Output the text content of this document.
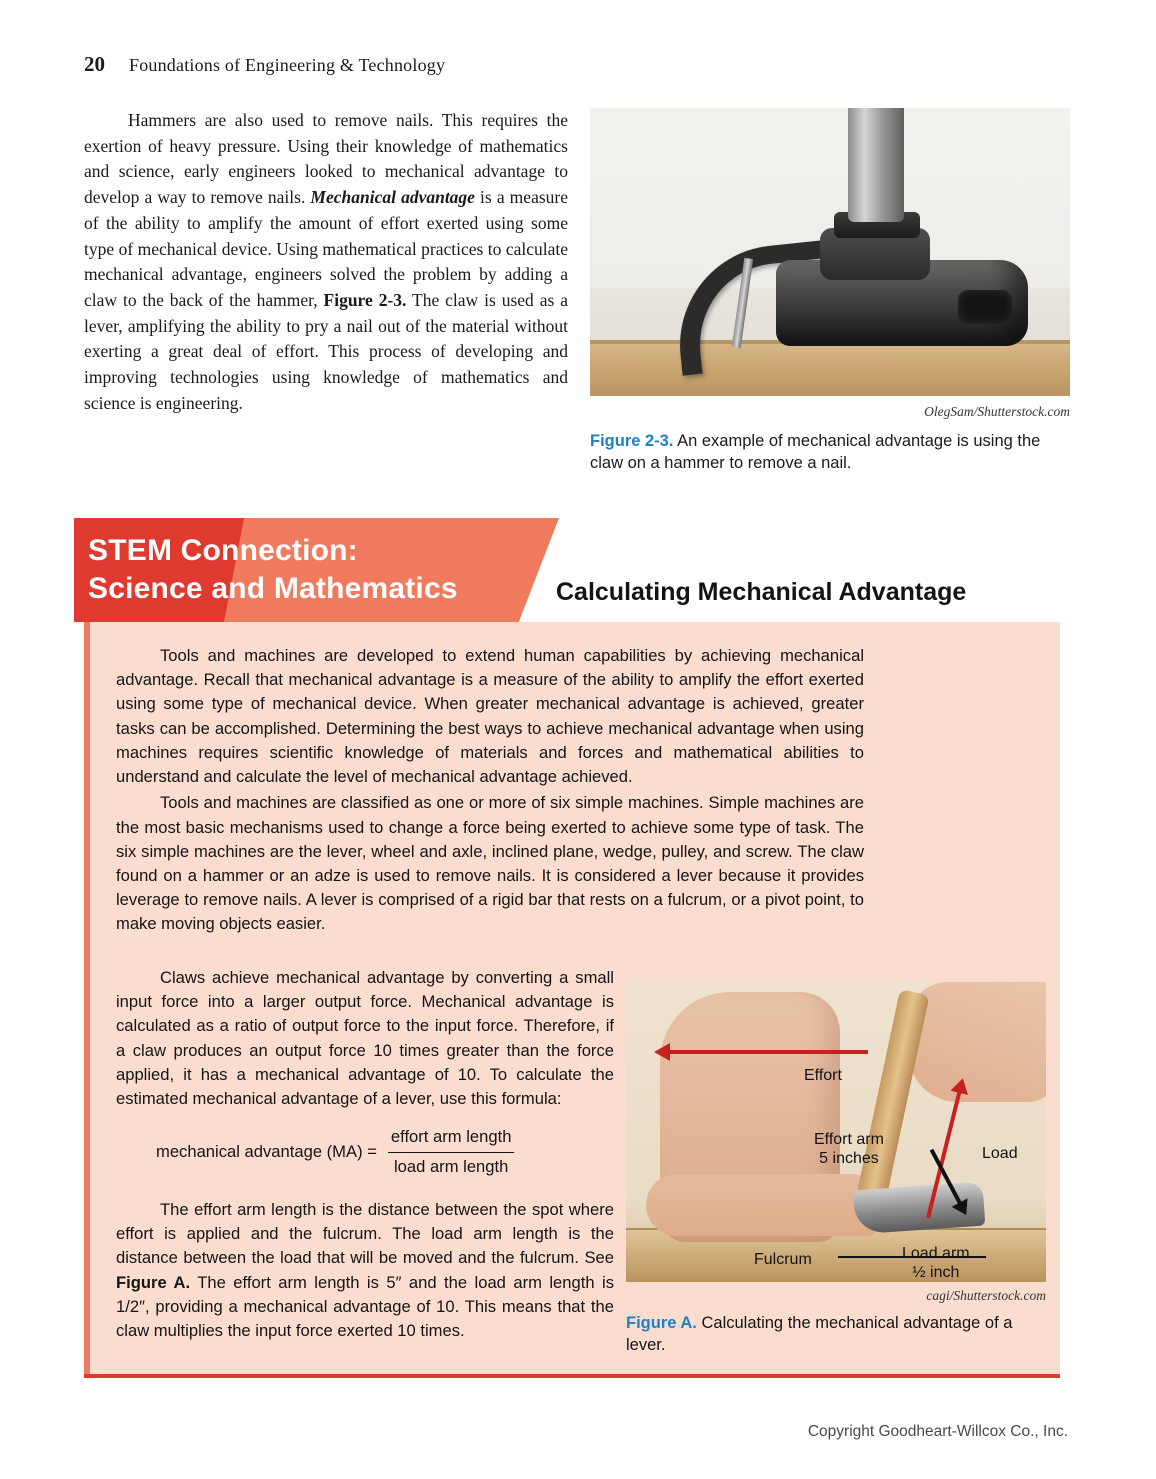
20 Foundations of Engineering & Technology

Hammers are also used to remove nails. This requires the exertion of heavy pressure. Using their knowledge of mathematics and science, early engineers looked to mechanical advantage to develop a way to remove nails. Mechanical advantage is a measure of the ability to amplify the amount of effort exerted using some type of mechanical device. Using mathematical practices to calculate mechanical advantage, engineers solved the problem by adding a claw to the back of the hammer, Figure 2-3. The claw is used as a lever, amplifying the ability to pry a nail out of the material without exerting a great deal of effort. This process of developing and improving technologies using knowledge of mathematics and science is engineering.	OlegSam/Shutterstock.com
Figure 2-3. An example of mechanical advantage is using the claw on a hammer to remove a nail.
STEM Connection:
Science and Mathematics	Calculating Mechanical Advantage

Tools and machines are developed to extend human capabilities by achieving mechanical advantage. Recall that mechanical advantage is a measure of the ability to amplify the effort exerted using some type of mechanical device. When greater mechanical advantage is achieved, greater tasks can be accomplished. Determining the best ways to achieve mechanical advantage when using machines requires scientific knowledge of materials and forces and mathematical abilities to understand and calculate the level of mechanical advantage achieved.

Tools and machines are classified as one or more of six simple machines. Simple machines are the most basic mechanisms used to change a force being exerted to achieve some type of task. The six simple machines are the lever, wheel and axle, inclined plane, wedge, pulley, and screw. The claw found on a hammer or an adze is used to remove nails. It is considered a lever because it provides leverage to remove nails. A lever is comprised of a rigid bar that rests on a fulcrum, or a pivot point, to make moving objects easier.

Claws achieve mechanical advantage by converting a small input force into a larger output force. Mechanical advantage is calculated as a ratio of output force to the input force. Therefore, if a claw produces an output force 10 times greater than the force applied, it has a mechanical advantage of 10. To calculate the estimated mechanical advantage of a lever, use this formula:

mechanical advantage $(MA) = \frac{\text{effort arm length}}{\text{load arm length}}$

The effort arm length is the distance between the spot where effort is applied and the fulcrum. The load arm length is the distance between the load that will be moved and the fulcrum. See Figure A. The effort arm length is 5″ and the load arm length is 1/2″, providing a mechanical advantage of 10. This means that the claw multiplies the input force exerted 10 times.

Effort
Effort arm
5 inches	Load
Fulcrum	Load arm
½ inch
cagi/Shutterstock.com
Figure A. Calculating the mechanical advantage of a lever.
Copyright Goodheart-Willcox Co., Inc.
